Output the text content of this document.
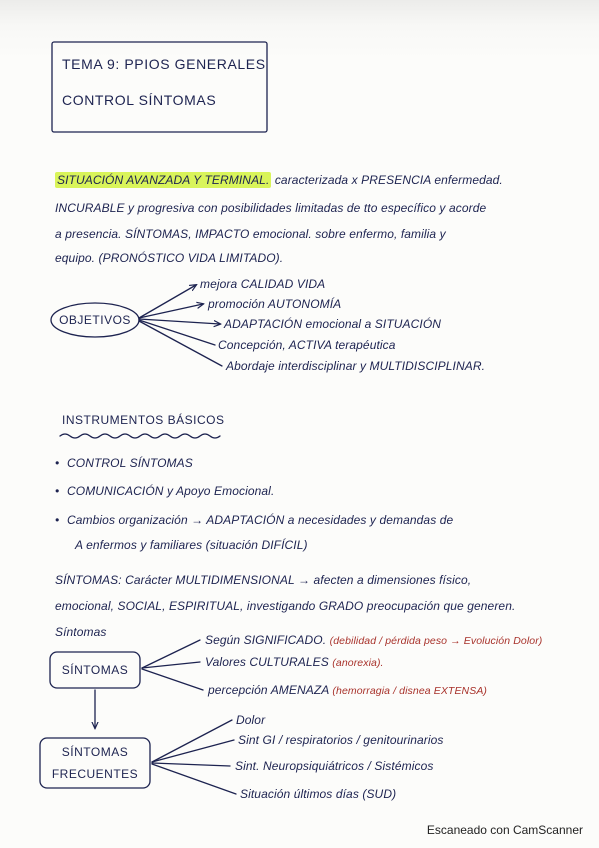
TEMA 9: PPIOS GENERALES
CONTROL SÍNTOMAS
SITUACIÓN AVANZADA Y TERMINAL. caracterizada x PRESENCIA enfermedad.
INCURABLE y progresiva con posibilidades limitadas de tto específico y acorde
a presencia. SÍNTOMAS, IMPACTO emocional. sobre enfermo, familia y
equipo. (PRONÓSTICO VIDA LIMITADO).
OBJETIVOS
mejora CALIDAD VIDA
promoción AUTONOMÍA
ADAPTACIÓN emocional a SITUACIÓN
Concepción, ACTIVA terapéutica
Abordaje interdisciplinar y MULTIDISCIPLINAR.
INSTRUMENTOS BÁSICOS
• CONTROL SÍNTOMAS
• COMUNICACIÓN y Apoyo Emocional.
• Cambios organización → ADAPTACIÓN a necesidades y demandas de
A enfermos y familiares (situación DIFÍCIL)
SÍNTOMAS: Carácter MULTIDIMENSIONAL → afecten a dimensiones físico,
emocional, SOCIAL, ESPIRITUAL, investigando GRADO preocupación que generen.
Síntomas
SÍNTOMAS
Según SIGNIFICADO. (debilidad / pérdida peso → Evolución Dolor)
Valores CULTURALES (anorexia).
percepción AMENAZA (hemorragia / disnea EXTENSA)
SÍNTOMAS
FRECUENTES
Dolor
Sint GI / respiratorios / genitourinarios
Sint. Neuropsiquiátricos / Sistémicos
Situación últimos días (SUD)
Escaneado con CamScanner
